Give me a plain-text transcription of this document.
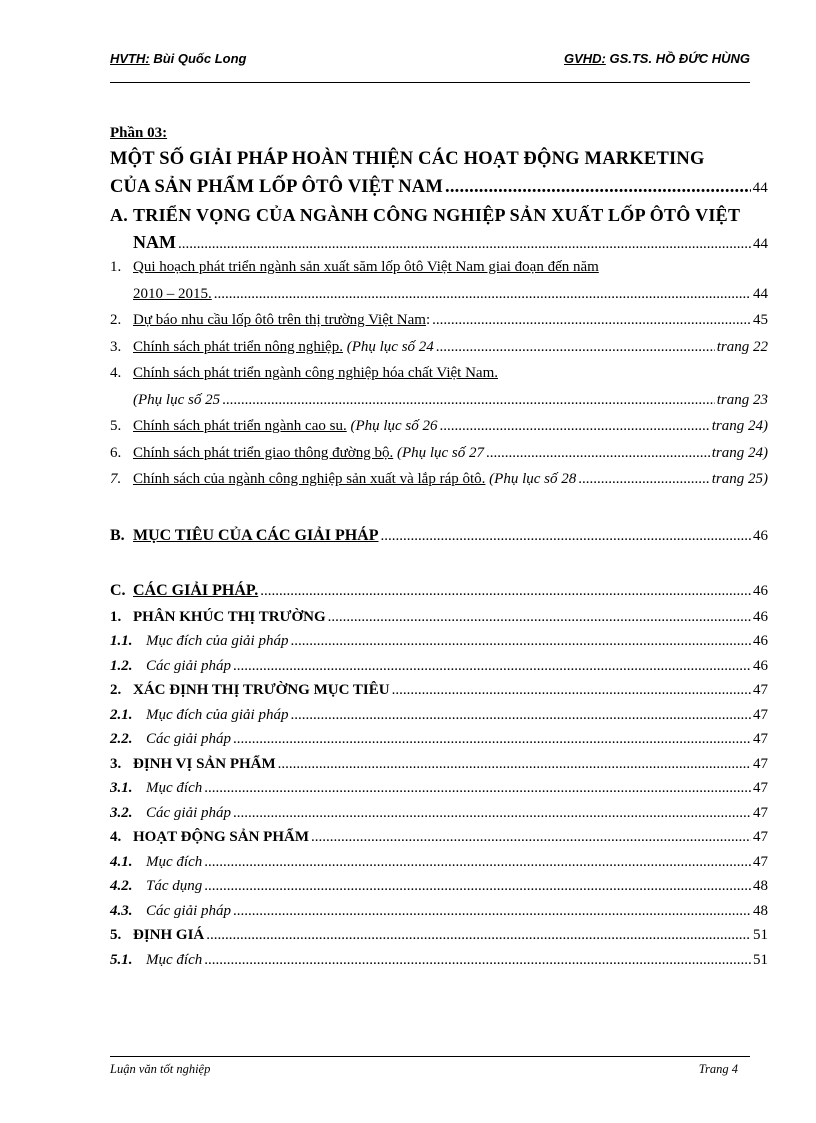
HVTH: Bùi Quốc Long	GVHD: GS.TS. HỒ ĐỨC HÙNG
Phần 03:
MỘT SỐ GIẢI PHÁP HOÀN THIỆN CÁC HOẠT ĐỘNG MARKETING
CỦA SẢN PHẨM LỐP ÔTÔ VIỆT NAM .....	44
A. TRIỂN VỌNG CỦA NGÀNH CÔNG NGHIỆP SẢN XUẤT LỐP ÔTÔ VIỆT
NAM .....	44
1. Qui hoạch phát triển ngành sản xuất săm lốp ôtô Việt Nam giai đoạn đến năm
2010 – 2015. .....	44
2. Dự báo nhu cầu lốp ôtô trên thị trường Việt Nam: .....	45
3. Chính sách phát triển nông nghiệp. (Phụ lục số 24 .....	trang 22
4. Chính sách phát triển ngành công nghiệp hóa chất Việt Nam.
(Phụ lục số 25 .....	trang 23
5. Chính sách phát triển ngành cao su. (Phụ lục số 26 .....	trang 24)
6. Chính sách phát triển giao thông đường bộ. (Phụ lục số 27 .....	trang 24)
7. Chính sách của ngành công nghiệp sản xuất và lắp ráp ôtô. (Phụ lục số 28 .....	trang 25)
B. MỤC TIÊU CỦA CÁC GIẢI PHÁP .....	46
C. CÁC GIẢI PHÁP. .....	46
1. PHÂN KHÚC THỊ TRƯỜNG .....	46
1.1. Mục đích của giải pháp .....	46
1.2. Các giải pháp .....	46
2. XÁC ĐỊNH THỊ TRƯỜNG MỤC TIÊU .....	47
2.1. Mục đích của giải pháp .....	47
2.2. Các giải pháp .....	47
3. ĐỊNH VỊ SẢN PHẨM .....	47
3.1. Mục đích .....	47
3.2. Các giải pháp .....	47
4. HOẠT ĐỘNG SẢN PHẨM .....	47
4.1. Mục đích .....	47
4.2. Tác dụng .....	48
4.3. Các giải pháp .....	48
5. ĐỊNH GIÁ .....	51
5.1. Mục đích .....	51
Luận văn tốt nghiệp	Trang 4
